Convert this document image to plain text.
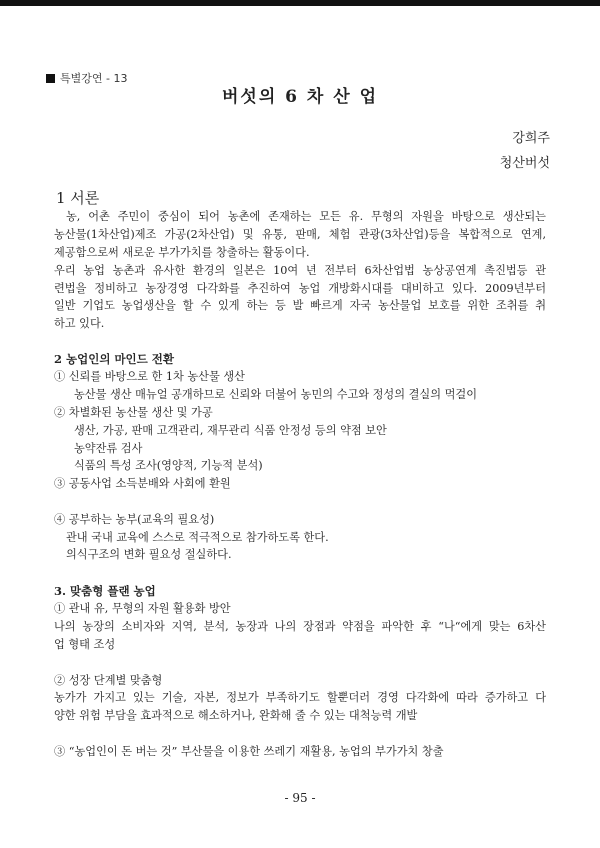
특별강연 - 13
버섯의 6 차 산 업
강희주
청산버섯
1 서론
농, 어촌 주민이 중심이 되어 농촌에 존재하는 모든 유. 무형의 자원을 바탕으로 생산되는
농산물(1차산업)제조 가공(2차산업) 및 유통, 판매, 체험 관광(3차산업)등을 복합적으로 연계,
제공함으로써 새로운 부가가치를 창출하는 활동이다.
우리 농업 농촌과 유사한 환경의 일본은 10여 년 전부터 6차산업법 농상공연계 촉진법등 관
련법을 정비하고 농장경영 다각화를 추진하여 농업 개방화시대를 대비하고 있다. 2009년부터
일반 기업도 농업생산을 할 수 있게 하는 등 발 빠르게 자국 농산물업 보호를 위한 조취를 취
하고 있다.
2 농업인의 마인드 전환
① 신뢰를 바탕으로 한 1차 농산물 생산
농산물 생산 매뉴얼 공개하므로 신뢰와 더불어 농민의 수고와 정성의 결실의 먹걸이
② 차별화된 농산물 생산 및 가공
생산, 가공, 판매 고객관리, 재무관리 식품 안정성 등의 약점 보안
농약잔류 검사
식품의 특성 조사(영양적, 기능적 분석)
③ 공동사업 소득분배와 사회에 환원
④ 공부하는 농부(교육의 필요성)
관내 국내 교육에 스스로 적극적으로 참가하도록 한다.
의식구조의 변화 필요성 절실하다.
3. 맞춤형 플랜 농업
① 관내 유, 무형의 자원 활용화 방안
나의 농장의 소비자와 지역, 분석, 농장과 나의 장점과 약점을 파악한 후 “나“에게 맞는 6차산
업 형태 조성
② 성장 단계별 맞춤형
농가가 가지고 있는 기술, 자본, 정보가 부족하기도 할뿐더러 경영 다각화에 따라 증가하고 다
양한 위험 부담을 효과적으로 해소하거나, 완화해 줄 수 있는 대척능력 개발
③ “농업인이 돈 버는 것” 부산물을 이용한 쓰레기 재활용, 농업의 부가가치 창출
- 95 -
